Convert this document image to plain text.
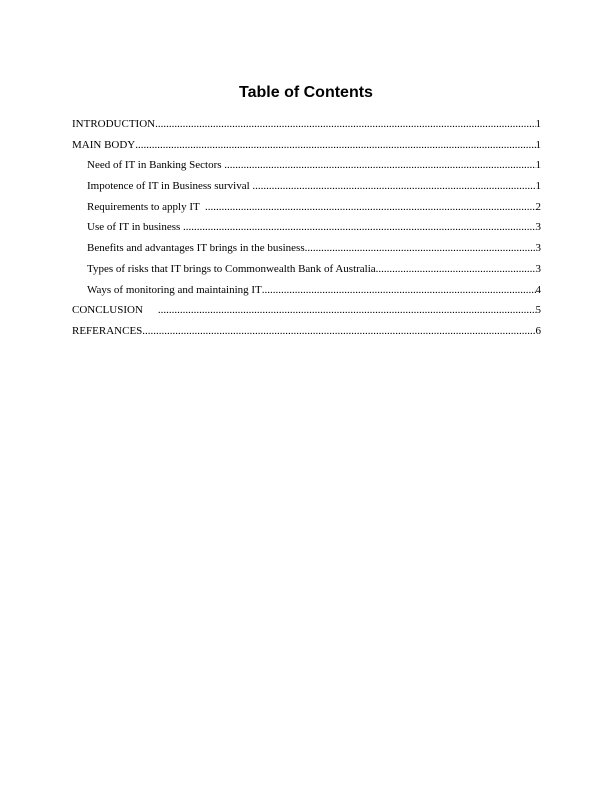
Table of Contents
INTRODUCTION .....	1
MAIN BODY .....	1
Need of IT in Banking Sectors .....	1
Impotence of IT in Business survival .....	1
Requirements to apply IT .....	2
Use of IT in business .....	3
Benefits and advantages IT brings in the business .....	3
Types of risks that IT brings to Commonwealth Bank of Australia .....	3
Ways of monitoring and maintaining IT .....	4
CONCLUSION .....	5
REFERANCES .....	6
